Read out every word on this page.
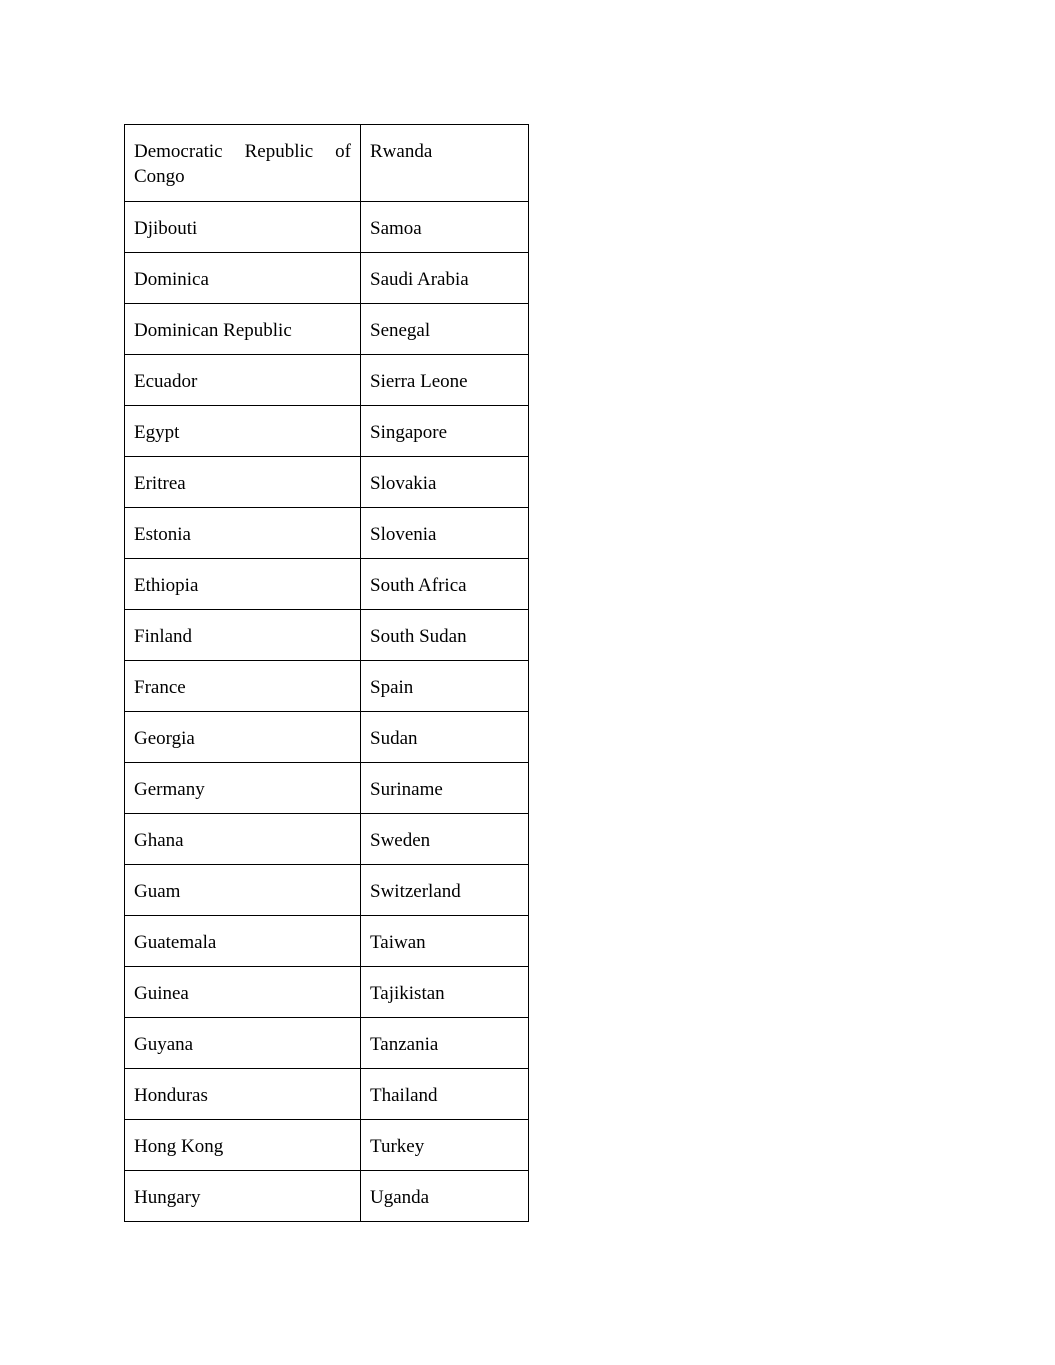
Democratic Republic of Congo	Rwanda
Djibouti	Samoa
Dominica	Saudi Arabia
Dominican Republic	Senegal
Ecuador	Sierra Leone
Egypt	Singapore
Eritrea	Slovakia
Estonia	Slovenia
Ethiopia	South Africa
Finland	South Sudan
France	Spain
Georgia	Sudan
Germany	Suriname
Ghana	Sweden
Guam	Switzerland
Guatemala	Taiwan
Guinea	Tajikistan
Guyana	Tanzania
Honduras	Thailand
Hong Kong	Turkey
Hungary	Uganda
